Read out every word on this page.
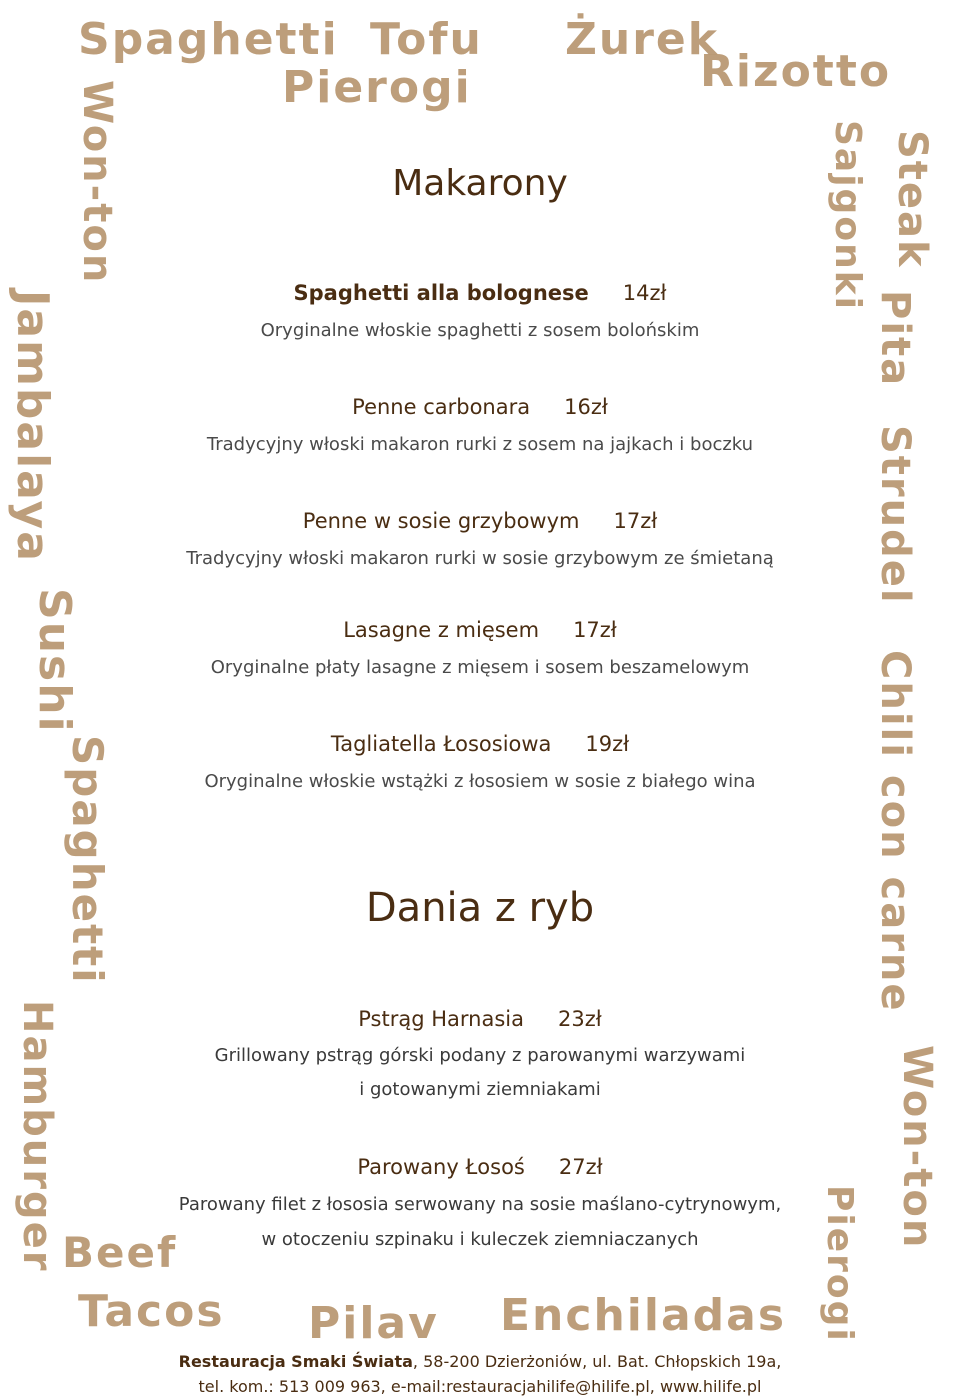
Spaghetti Tofu Żurek
Rizotto
Pierogi
Won-ton
Jambalaya
Sushi
Spaghetti
Hamburger
Sajgonki Steak
Pita
Strudel
Chili con carne
Won-ton
Pierogi
Beef
Tacos Pilav Enchiladas
Makarony
Spaghetti alla bolognese 14zł
Oryginalne włoskie spaghetti z sosem bolońskim
Penne carbonara 16zł
Tradycyjny włoski makaron rurki z sosem na jajkach i boczku
Penne w sosie grzybowym 17zł
Tradycyjny włoski makaron rurki w sosie grzybowym ze śmietaną
Lasagne z mięsem 17zł
Oryginalne płaty lasagne z mięsem i sosem beszamelowym
Tagliatella Łososiowa 19zł
Oryginalne włoskie wstążki z łososiem w sosie z białego wina
Dania z ryb
Pstrąg Harnasia 23zł
Grillowany pstrąg górski podany z parowanymi warzywami
i gotowanymi ziemniakami
Parowany Łosoś 27zł
Parowany filet z łososia serwowany na sosie maślano-cytrynowym,
w otoczeniu szpinaku i kuleczek ziemniaczanych
Restauracja Smaki Świata, 58-200 Dzierżoniów, ul. Bat. Chłopskich 19a,
tel. kom.: 513 009 963, e-mail:restauracjahilife@hilife.pl, www.hilife.pl
